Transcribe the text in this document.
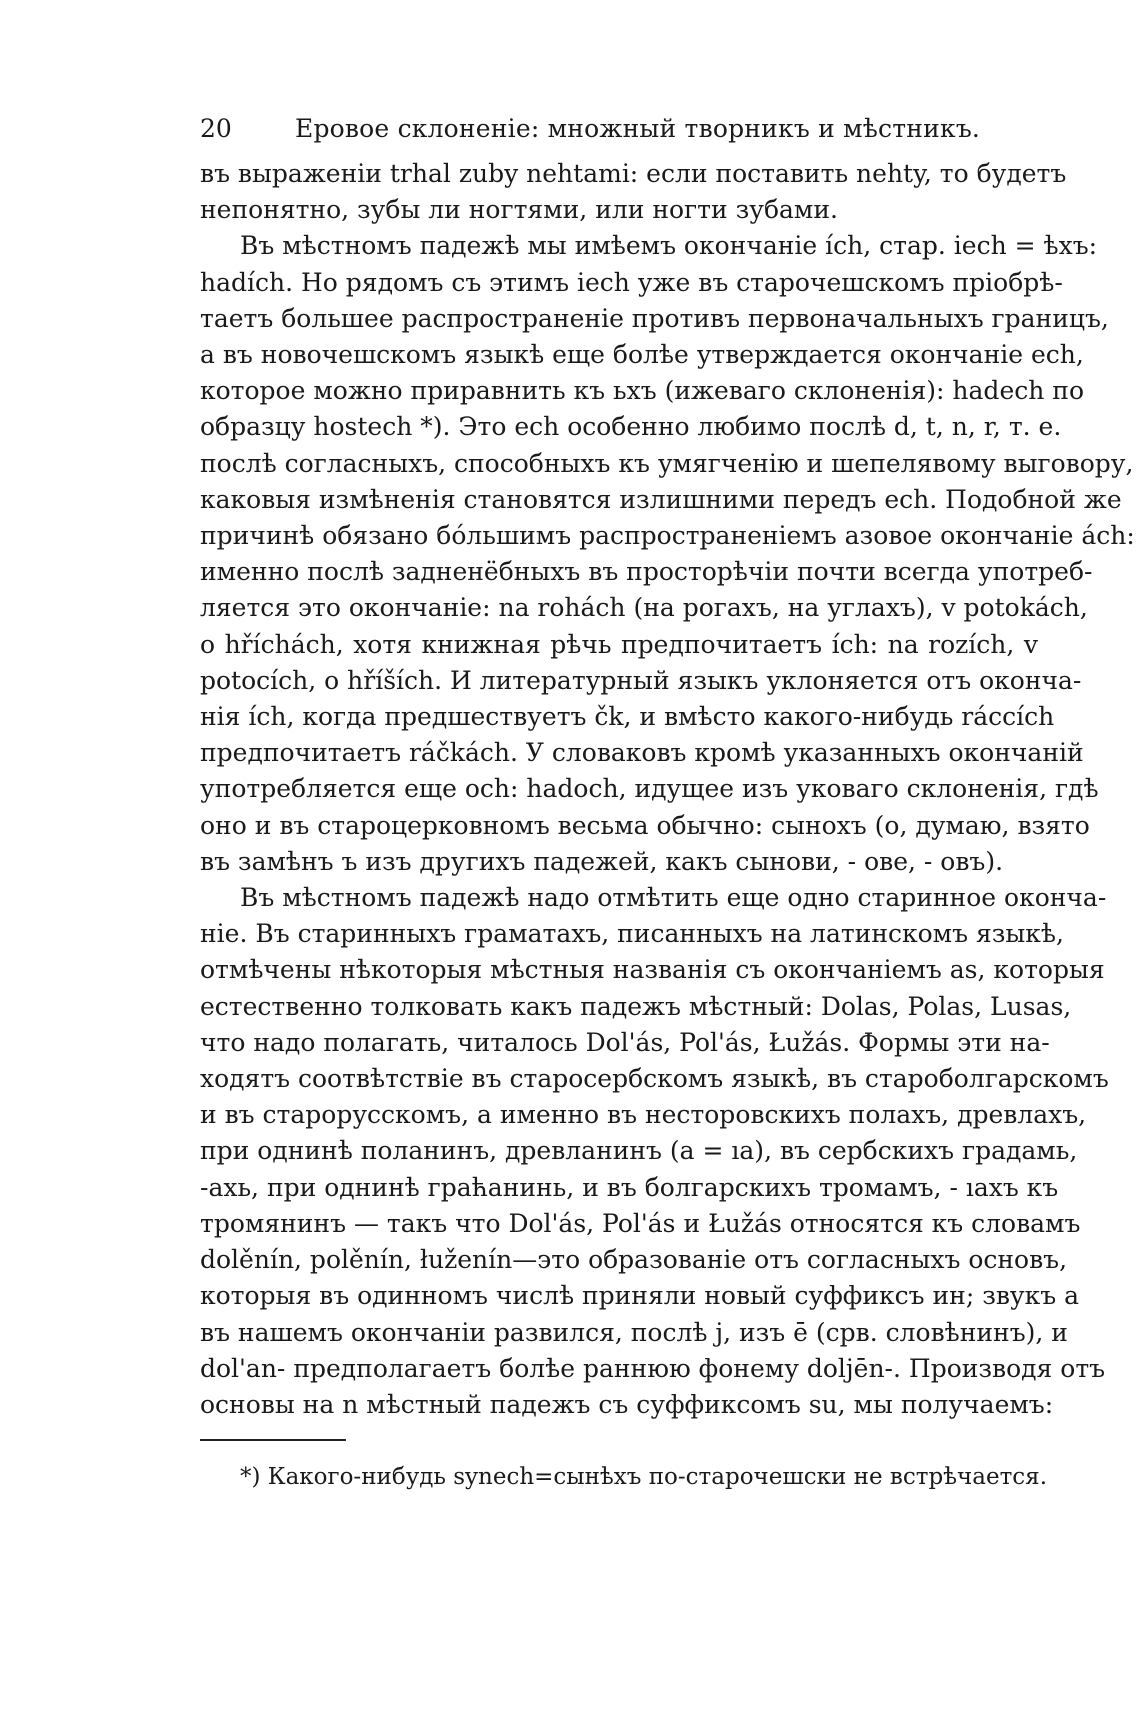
20	Еровое склоненіе: множный творникъ и мѣстникъ.
въ выраженіи trhal zuby nehtami: если поставить nehty, то будетъ
непонятно, зубы ли ногтями, или ногти зубами.
Въ мѣстномъ падежѣ мы имѣемъ окончаніе ích, стар. iech = ѣхъ:
hadích. Но рядомъ съ этимъ iech уже въ старочешскомъ пріобрѣ-
таетъ большее распространеніе противъ первоначальныхъ границъ,
а въ новочешскомъ языкѣ еще болѣе утверждается окончаніе ech,
которое можно приравнить къ ьхъ (ижеваго склоненія): hadech по
образцу hostech *). Это ech особенно любимо послѣ d, t, n, r, т. е.
послѣ согласныхъ, способныхъ къ умягченію и шепелявому выговору,
каковыя измѣненія становятся излишними передъ ech. Подобной же
причинѣ обязано бóльшимъ распространеніемъ азовое окончаніе ách:
именно послѣ задненёбныхъ въ простoрѣчіи почти всегда употреб-
ляется это окончаніе: na rohách (на рогахъ, на углахъ), v potokách,
o hříchách, хотя книжная рѣчь предпочитаетъ ích: na rozích, v
potocích, o hříších. И литературный языкъ уклоняется отъ оконча-
нія ích, когда предшествуетъ čk, и вмѣсто какого-нибудь ráccích
предпочитаетъ ráčkách. У словаковъ кромѣ указанныхъ окончаній
употребляется еще och: hadoch, идущее изъ уковаго склоненія, гдѣ
оно и въ староцерковномъ весьма обычно: сынохъ (о, думаю, взято
въ замѣнъ ъ изъ другихъ падежей, какъ сынови, - ове, - овъ).
Въ мѣстномъ падежѣ надо отмѣтить еще одно старинное оконча-
ніе. Въ старинныхъ граматахъ, писанныхъ на латинскомъ языкѣ,
отмѣчены нѣкоторыя мѣстныя названія съ окончаніемъ as, которыя
естественно толковать какъ падежъ мѣстный: Dolas, Polas, Lusas,
что надо полагать, читалось Dol'ás, Pol'ás, Łužás. Формы эти на-
ходятъ соотвѣтствіе въ старосербскомъ языкѣ, въ староболгарскомъ
и въ старорусскомъ, а именно въ несторовскихъ полахъ, древлахъ,
при однинѣ поланинъ, древланинъ (а = ıа), въ сербскихъ градамь,
-ахь, при однинѣ граћанинь, и въ болгарскихъ тромамъ, - ıахъ къ
тромянинъ — такъ что Dol'ás, Pol'ás и Łužás относятся къ словамъ
dolěnín, polěnín, łuženín—это образованіе отъ согласныхъ основъ,
которыя въ одинномъ числѣ приняли новый суффиксъ ин; звукъ а
въ нашемъ окончаніи развился, послѣ j, изъ ē (срв. словѣнинъ), и
dol'an- предполагаетъ болѣе раннюю фонему doljēn-. Производя отъ
основы на n мѣстный падежъ съ суффиксомъ su, мы получаемъ:
*) Какого-нибудь synech=сынѣхъ по-старочешски не встрѣчается.
